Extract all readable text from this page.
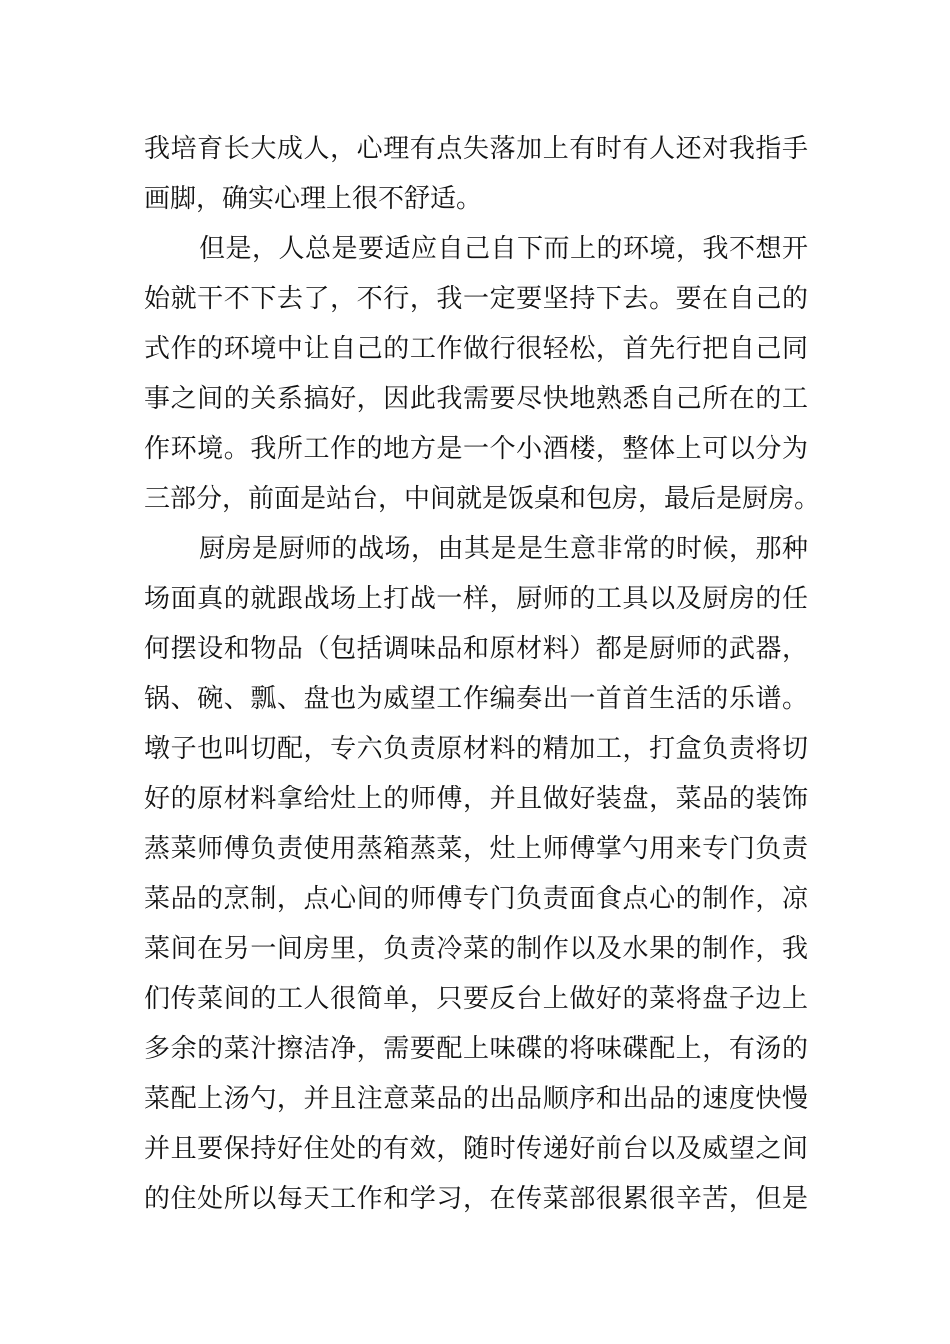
我培育长大成人，心理有点失落加上有时有人还对我指手
画脚，确实心理上很不舒适。
但是，人总是要适应自己自下而上的环境，我不想开
始就干不下去了，不行，我一定要坚持下去。要在自己的
式作的环境中让自己的工作做行很轻松，首先行把自己同
事之间的关系搞好，因此我需要尽快地熟悉自己所在的工
作环境。我所工作的地方是一个小酒楼，整体上可以分为
三部分，前面是站台，中间就是饭桌和包房，最后是厨房。
厨房是厨师的战场，由其是是生意非常的时候，那种
场面真的就跟战场上打战一样，厨师的工具以及厨房的任
何摆设和物品（包括调味品和原材料）都是厨师的武器，
锅、碗、瓢、盘也为威望工作编奏出一首首生活的乐谱。
墩子也叫切配，专六负责原材料的精加工，打盒负责将切
好的原材料拿给灶上的师傅，并且做好装盘，菜品的装饰
蒸菜师傅负责使用蒸箱蒸菜，灶上师傅掌勺用来专门负责
菜品的烹制，点心间的师傅专门负责面食点心的制作，凉
菜间在另一间房里，负责冷菜的制作以及水果的制作，我
们传菜间的工人很简单，只要反台上做好的菜将盘子边上
多余的菜汁擦洁净，需要配上味碟的将味碟配上，有汤的
菜配上汤勺，并且注意菜品的出品顺序和出品的速度快慢
并且要保持好住处的有效，随时传递好前台以及威望之间
的住处所以每天工作和学习，在传菜部很累很辛苦，但是
